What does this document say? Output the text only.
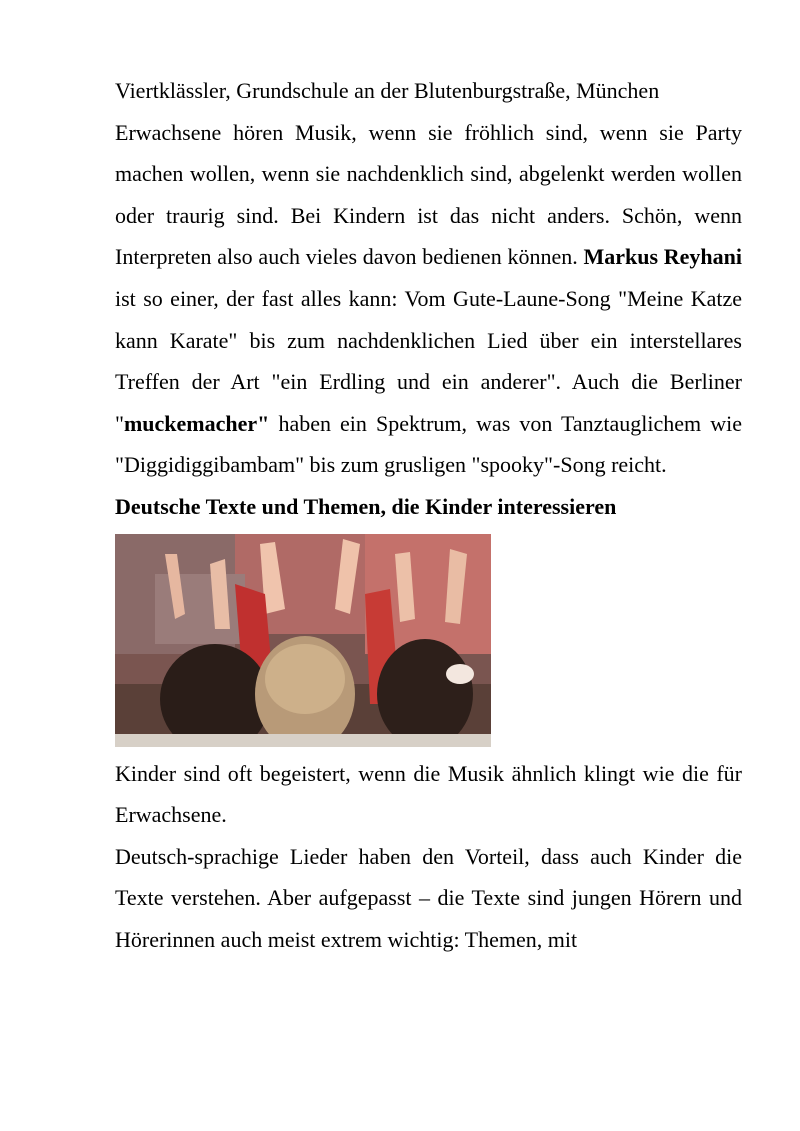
Viertklässler, Grundschule an der Blutenburgstraße, München

Erwachsene hören Musik, wenn sie fröhlich sind, wenn sie Party machen wollen, wenn sie nachdenklich sind, abgelenkt werden wollen oder traurig sind. Bei Kindern ist das nicht anders. Schön, wenn Interpreten also auch vieles davon bedienen können. Markus Reyhani ist so einer, der fast alles kann: Vom Gute-Laune-Song "Meine Katze kann Karate" bis zum nachdenklichen Lied über ein interstellares Treffen der Art "ein Erdling und ein anderer". Auch die Berliner "muckemacher" haben ein Spektrum, was von Tanztauglichem wie "Diggidiggibambam" bis zum grusligen "spooky"-Song reicht.

Deutsche Texte und Themen, die Kinder interessieren

Kinder sind oft begeistert, wenn die Musik ähnlich klingt wie die für Erwachsene.

Deutsch-sprachige Lieder haben den Vorteil, dass auch Kinder die Texte verstehen. Aber aufgepasst – die Texte sind jungen Hörern und Hörerinnen auch meist extrem wichtig: Themen, mit
